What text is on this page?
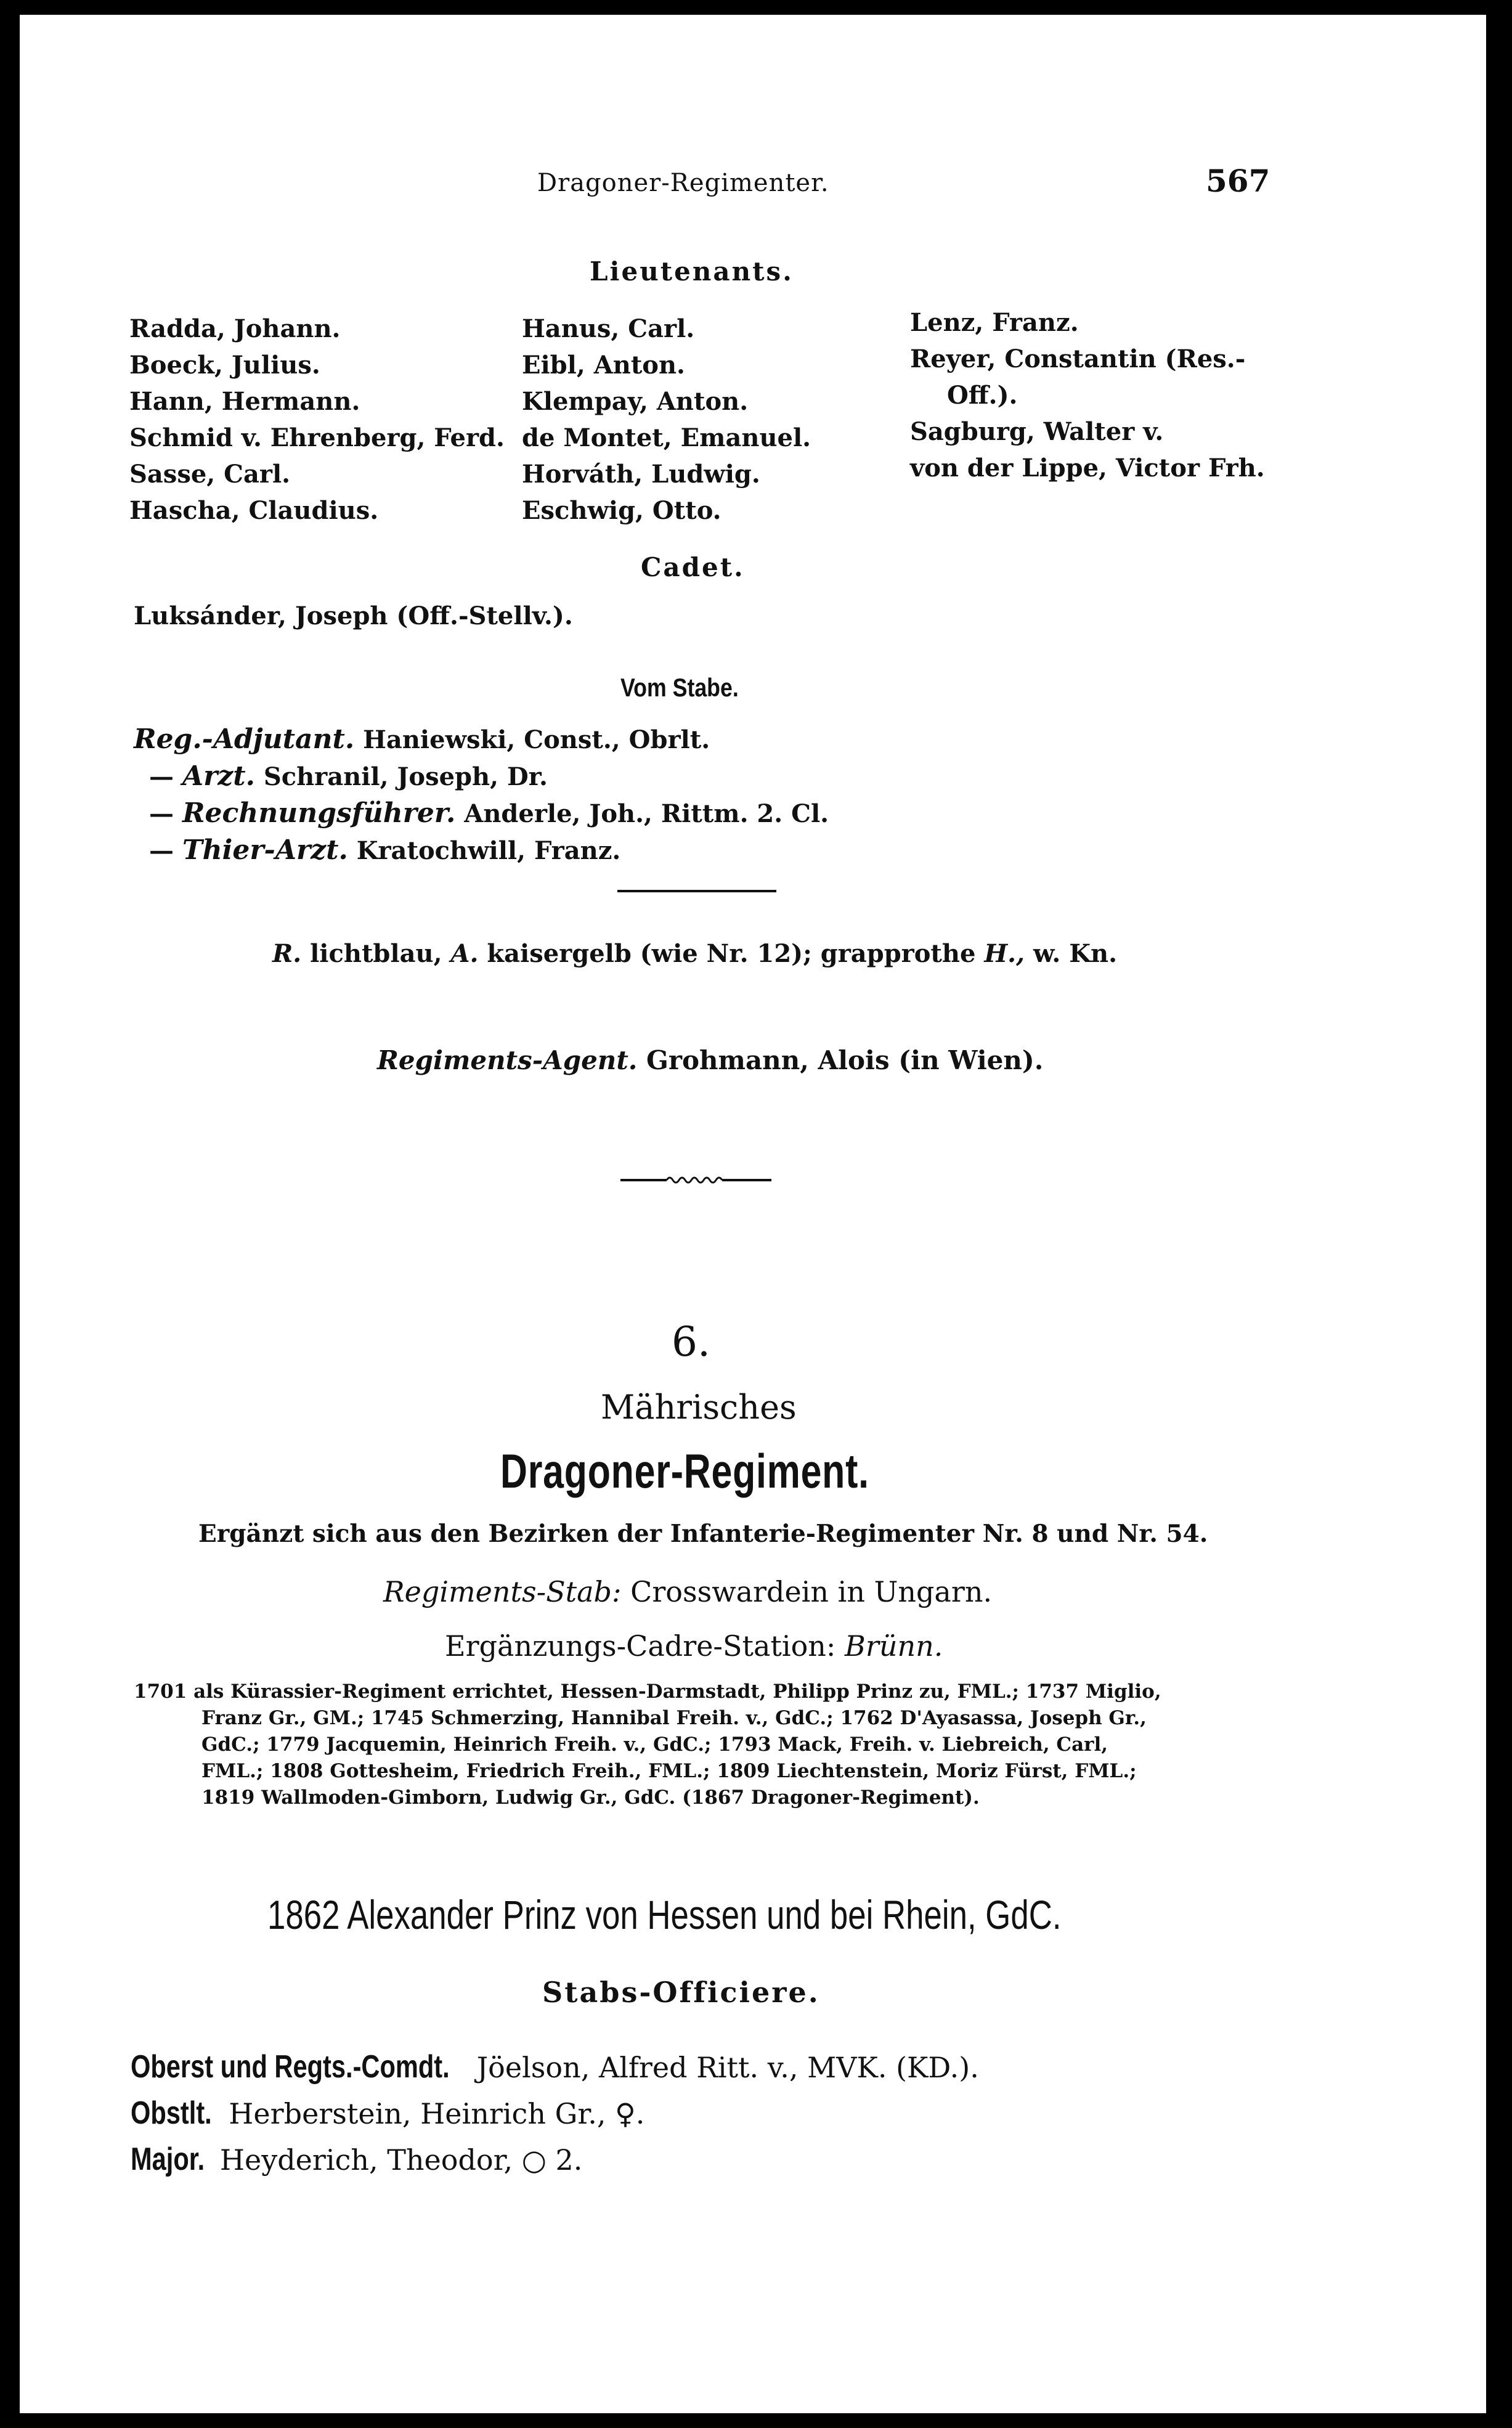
Dragoner-Regimenter.	567
Lieutenants.
Radda, Johann.
Boeck, Julius.
Hann, Hermann.
Schmid v. Ehrenberg, Ferd.
Sasse, Carl.
Hascha, Claudius.
Hanus, Carl.
Eibl, Anton.
Klempay, Anton.
de Montet, Emanuel.
Horváth, Ludwig.
Eschwig, Otto.
Lenz, Franz.
Reyer, Constantin (Res.-
Off.).
Sagburg, Walter v.
von der Lippe, Victor Frh.
Cadet.
Luksánder, Joseph (Off.-Stellv.).
Vom Stabe.
Reg.-Adjutant. Haniewski, Const., Obrlt.
— Arzt. Schranil, Joseph, Dr.
— Rechnungsführer. Anderle, Joh., Rittm. 2. Cl.
— Thier-Arzt. Kratochwill, Franz.
R. lichtblau, A. kaisergelb (wie Nr. 12); grapprothe H., w. Kn.
Regiments-Agent. Grohmann, Alois (in Wien).
6.
Mährisches
Dragoner-Regiment.
Ergänzt sich aus den Bezirken der Infanterie-Regimenter Nr. 8 und Nr. 54.
Regiments-Stab: Crosswardein in Ungarn.
Ergänzungs-Cadre-Station: Brünn.
1701 als Kürassier-Regiment errichtet, Hessen-Darmstadt, Philipp Prinz zu, FML.; 1737 Miglio,
Franz Gr., GM.; 1745 Schmerzing, Hannibal Freih. v., GdC.; 1762 D'Ayasassa, Joseph Gr.,
GdC.; 1779 Jacquemin, Heinrich Freih. v., GdC.; 1793 Mack, Freih. v. Liebreich, Carl,
FML.; 1808 Gottesheim, Friedrich Freih., FML.; 1809 Liechtenstein, Moriz Fürst, FML.;
1819 Wallmoden-Gimborn, Ludwig Gr., GdC. (1867 Dragoner-Regiment).
1862 Alexander Prinz von Hessen und bei Rhein, GdC.
Stabs-Officiere.
Oberst und Regts.-Comdt. Jöelson, Alfred Ritt. v., MVK. (KD.).
Obstlt. Herberstein, Heinrich Gr., ♀.
Major. Heyderich, Theodor, ○ 2.
